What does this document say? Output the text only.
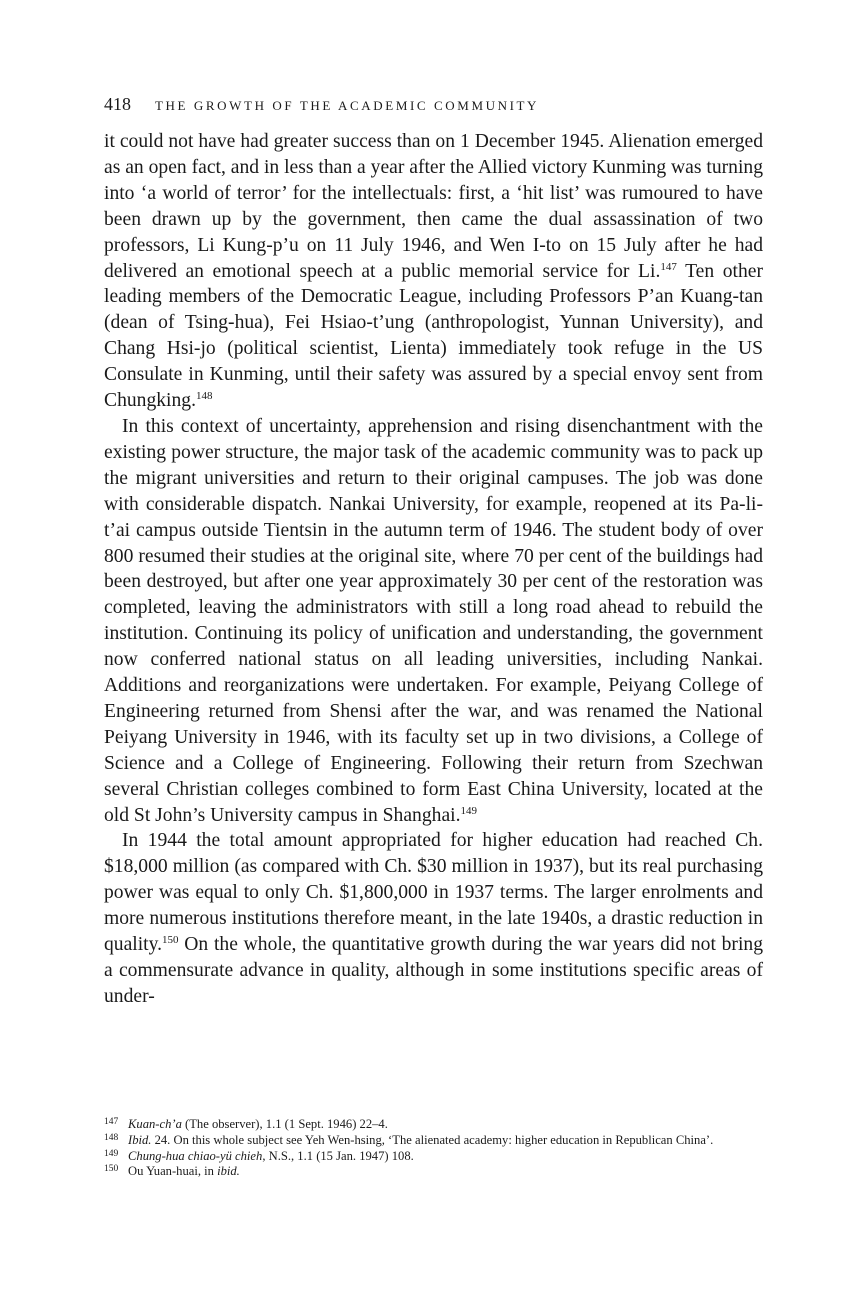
418 THE GROWTH OF THE ACADEMIC COMMUNITY

it could not have had greater success than on 1 December 1945. Alienation emerged as an open fact, and in less than a year after the Allied victory Kunming was turning into ‘a world of terror’ for the intellectuals: first, a ‘hit list’ was rumoured to have been drawn up by the government, then came the dual assassination of two professors, Li Kung-p’u on 11 July 1946, and Wen I-to on 15 July after he had delivered an emotional speech at a public memorial service for Li.$^{147}$ Ten other leading members of the Democratic League, including Professors P’an Kuang-tan (dean of Tsing-hua), Fei Hsiao-t’ung (anthropologist, Yunnan University), and Chang Hsi-jo (political scientist, Lienta) immediately took refuge in the US Consulate in Kunming, until their safety was assured by a special envoy sent from Chungking.$^{148}$

In this context of uncertainty, apprehension and rising disenchantment with the existing power structure, the major task of the academic community was to pack up the migrant universities and return to their original campuses. The job was done with considerable dispatch. Nankai University, for example, reopened at its Pa-li-t’ai campus outside Tientsin in the autumn term of 1946. The student body of over 800 resumed their studies at the original site, where 70 per cent of the buildings had been destroyed, but after one year approximately 30 per cent of the restoration was completed, leaving the administrators with still a long road ahead to rebuild the institution. Continuing its policy of unification and understanding, the government now conferred national status on all leading universities, including Nankai. Additions and reorganizations were undertaken. For example, Peiyang College of Engineering returned from Shensi after the war, and was renamed the National Peiyang University in 1946, with its faculty set up in two divisions, a College of Science and a College of Engineering. Following their return from Szechwan several Christian colleges combined to form East China University, located at the old St John’s University campus in Shanghai.$^{149}$

In 1944 the total amount appropriated for higher education had reached Ch. $18,000 million (as compared with Ch. $30 million in 1937), but its real purchasing power was equal to only Ch. $1,800,000 in 1937 terms. The larger enrolments and more numerous institutions therefore meant, in the late 1940s, a drastic reduction in quality.$^{150}$ On the whole, the quantitative growth during the war years did not bring a commensurate advance in quality, although in some institutions specific areas of under-

147 Kuan-ch’a (The observer), 1.1 (1 Sept. 1946) 22–4.

148 Ibid. 24. On this whole subject see Yeh Wen-hsing, ‘The alienated academy: higher education in Republican China’.

149 Chung-hua chiao-yü chieh, N.S., 1.1 (15 Jan. 1947) 108.

150 Ou Yuan-huai, in ibid.
